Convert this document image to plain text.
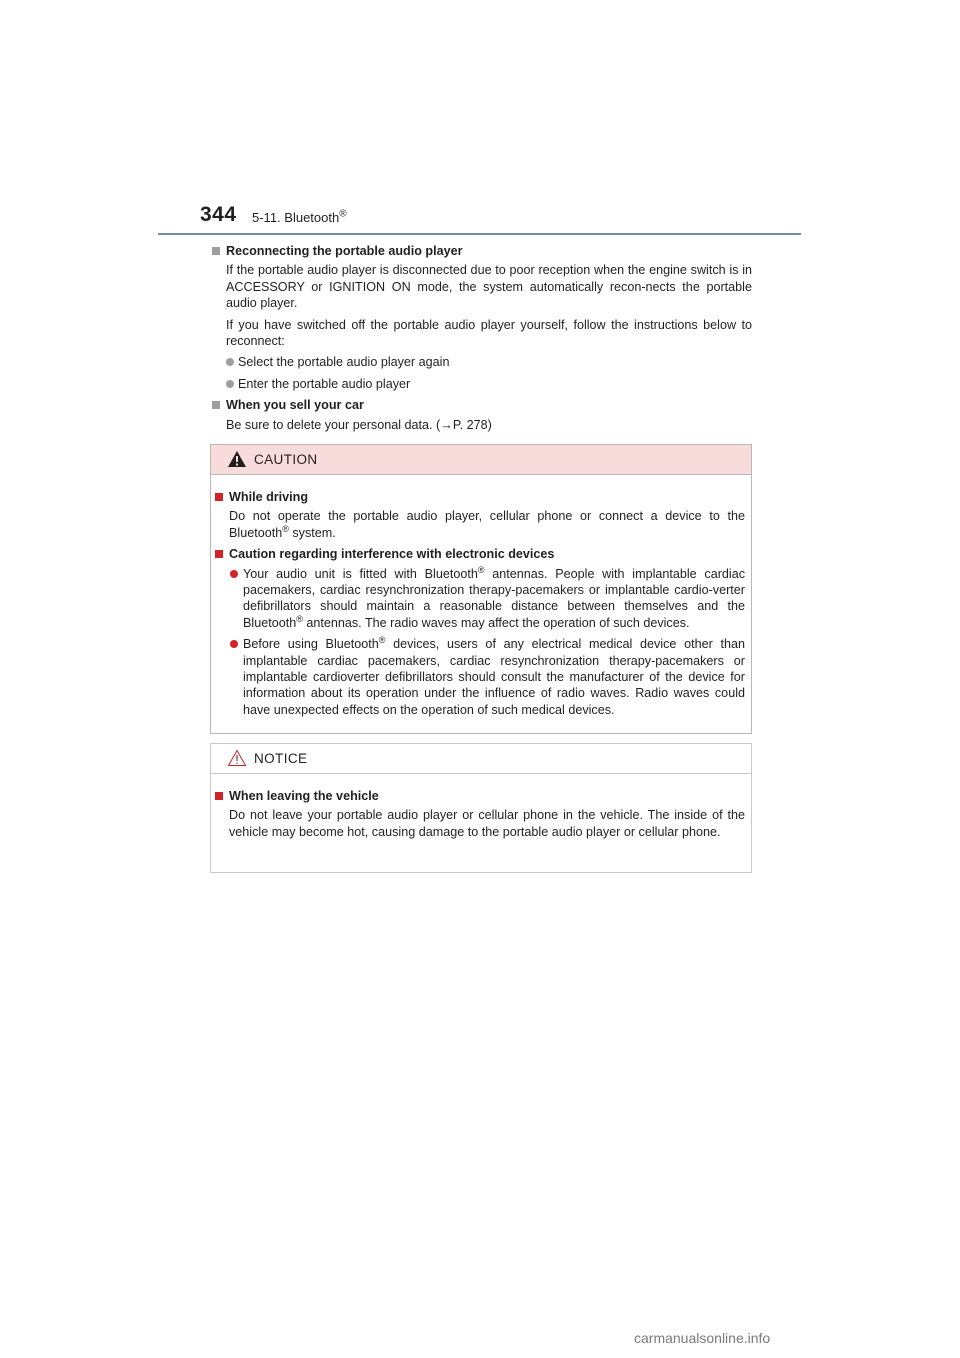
344 5-11. Bluetooth®
Reconnecting the portable audio player
If the portable audio player is disconnected due to poor reception when the engine switch is in ACCESSORY or IGNITION ON mode, the system automatically recon-nects the portable audio player.
If you have switched off the portable audio player yourself, follow the instructions below to reconnect:
Select the portable audio player again
Enter the portable audio player
When you sell your car
Be sure to delete your personal data. (→P. 278)
CAUTION
While driving
Do not operate the portable audio player, cellular phone or connect a device to the Bluetooth® system.
Caution regarding interference with electronic devices
Your audio unit is fitted with Bluetooth® antennas. People with implantable cardiac pacemakers, cardiac resynchronization therapy-pacemakers or implantable cardio-verter defibrillators should maintain a reasonable distance between themselves and the Bluetooth® antennas. The radio waves may affect the operation of such devices.
Before using Bluetooth® devices, users of any electrical medical device other than implantable cardiac pacemakers, cardiac resynchronization therapy-pacemakers or implantable cardioverter defibrillators should consult the manufacturer of the device for information about its operation under the influence of radio waves. Radio waves could have unexpected effects on the operation of such medical devices.
NOTICE
When leaving the vehicle
Do not leave your portable audio player or cellular phone in the vehicle. The inside of the vehicle may become hot, causing damage to the portable audio player or cellular phone.
carmanualsonline.info
